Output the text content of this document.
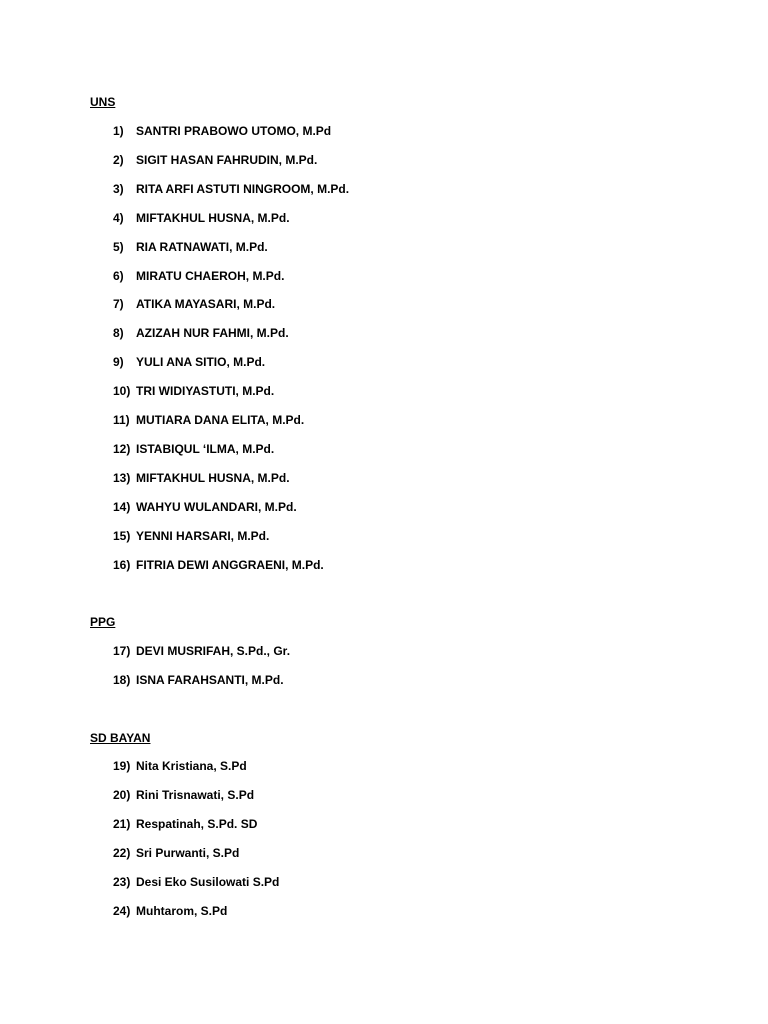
UNS
1) SANTRI PRABOWO UTOMO, M.Pd
2) SIGIT HASAN FAHRUDIN, M.Pd.
3) RITA ARFI ASTUTI NINGROOM, M.Pd.
4) MIFTAKHUL HUSNA, M.Pd.
5) RIA RATNAWATI, M.Pd.
6) MIRATU CHAEROH, M.Pd.
7) ATIKA MAYASARI, M.Pd.
8) AZIZAH NUR FAHMI, M.Pd.
9) YULI ANA SITIO, M.Pd.
10) TRI WIDIYASTUTI, M.Pd.
11) MUTIARA DANA ELITA, M.Pd.
12) ISTABIQUL ‘ILMA, M.Pd.
13) MIFTAKHUL HUSNA, M.Pd.
14) WAHYU WULANDARI, M.Pd.
15) YENNI HARSARI, M.Pd.
16) FITRIA DEWI ANGGRAENI, M.Pd.
PPG
17) DEVI MUSRIFAH, S.Pd., Gr.
18) ISNA FARAHSANTI, M.Pd.
SD BAYAN
19) Nita Kristiana, S.Pd
20) Rini Trisnawati, S.Pd
21) Respatinah, S.Pd. SD
22) Sri Purwanti, S.Pd
23) Desi Eko Susilowati S.Pd
24) Muhtarom, S.Pd
